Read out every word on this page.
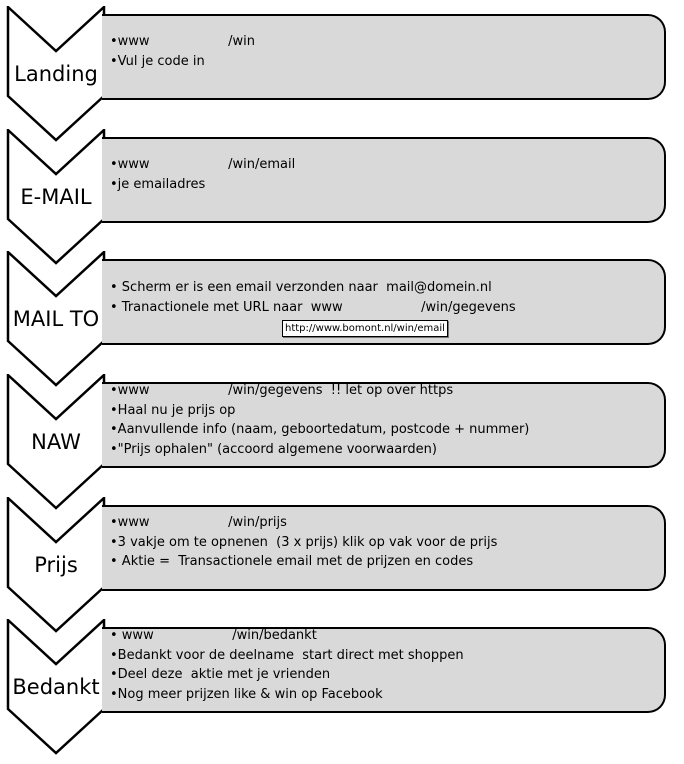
Landing
• www                   /win
• Vul je code in
E-MAIL
• www                   /win/email
• je emailadres
MAIL TO
•  Scherm er is een email verzonden naar  mail@domein.nl
•  Tranactionele met URL naar  www                   /win/gegevens
NAW
• www                   /win/gegevens  !! let op over https
• Haal nu je prijs op
• Aanvullende info (naam, geboortedatum, postcode + nummer)
• "Prijs ophalen" (accoord algemene voorwaarden)
Prijs
• www                   /win/prijs
• 3 vakje om te opnenen  (3 x prijs) klik op vak voor de prijs
•  Aktie =  Transactionele email met de prijzen en codes
Bedankt
•  www                   /win/bedankt
• Bedankt voor de deelname  start direct met shoppen
• Deel deze  aktie met je vrienden
• Nog meer prijzen like & win op Facebook
http://www.bomont.nl/win/email
